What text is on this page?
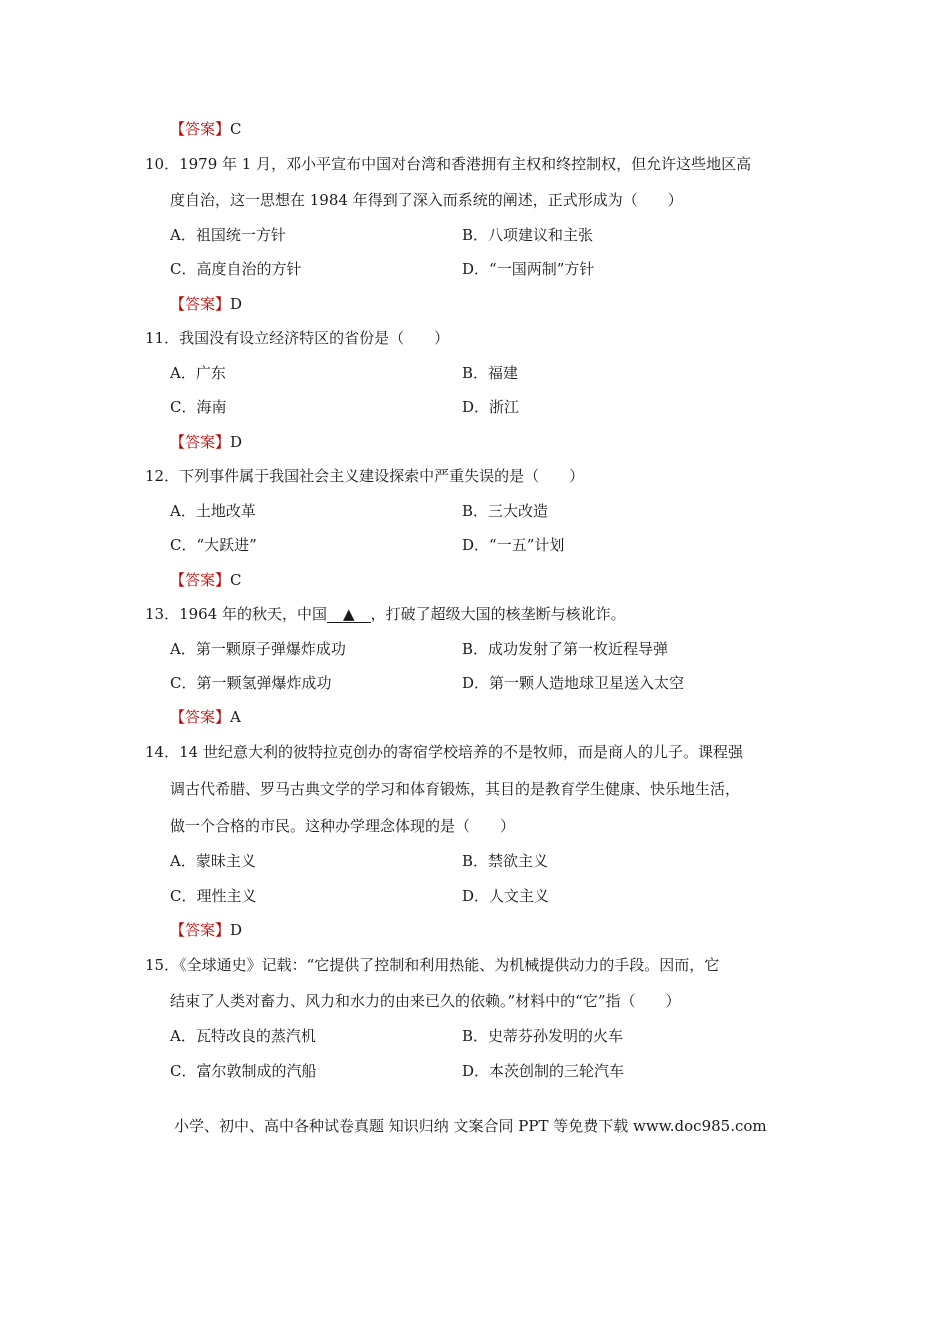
【答案】C
10．1979 年 1 月，邓小平宣布中国对台湾和香港拥有主权和终控制权，但允许这些地区高
度自治，这一思想在 1984 年得到了深入而系统的阐述，正式形成为（　　）
A．祖国统一方针	B．八项建议和主张
C．高度自治的方针	D．“一国两制”方针
【答案】D
11．我国没有设立经济特区的省份是（　　）
A．广东	B．福建
C．海南	D．浙江
【答案】D
12．下列事件属于我国社会主义建设探索中严重失误的是（　　）
A．土地改革	B．三大改造
C．“大跃进”	D．“一五”计划
【答案】C
13．1964 年的秋天，中国 ▲ ，打破了超级大国的核垄断与核讹诈。
A．第一颗原子弹爆炸成功	B．成功发射了第一枚近程导弹
C．第一颗氢弹爆炸成功	D．第一颗人造地球卫星送入太空
【答案】A
14．14 世纪意大利的彼特拉克创办的寄宿学校培养的不是牧师，而是商人的儿子。课程强
调古代希腊、罗马古典文学的学习和体育锻炼，其目的是教育学生健康、快乐地生活，
做一个合格的市民。这种办学理念体现的是（　　）
A．蒙昧主义	B．禁欲主义
C．理性主义	D．人文主义
【答案】D
15．《全球通史》记载：“它提供了控制和利用热能、为机械提供动力的手段。因而，它
结束了人类对畜力、风力和水力的由来已久的依赖。”材料中的“它”指（　　）
A．瓦特改良的蒸汽机	B．史蒂芬孙发明的火车
C．富尔敦制成的汽船	D．本茨创制的三轮汽车
小学、初中、高中各种试卷真题 知识归纳 文案合同 PPT 等免费下载 www.doc985.com
